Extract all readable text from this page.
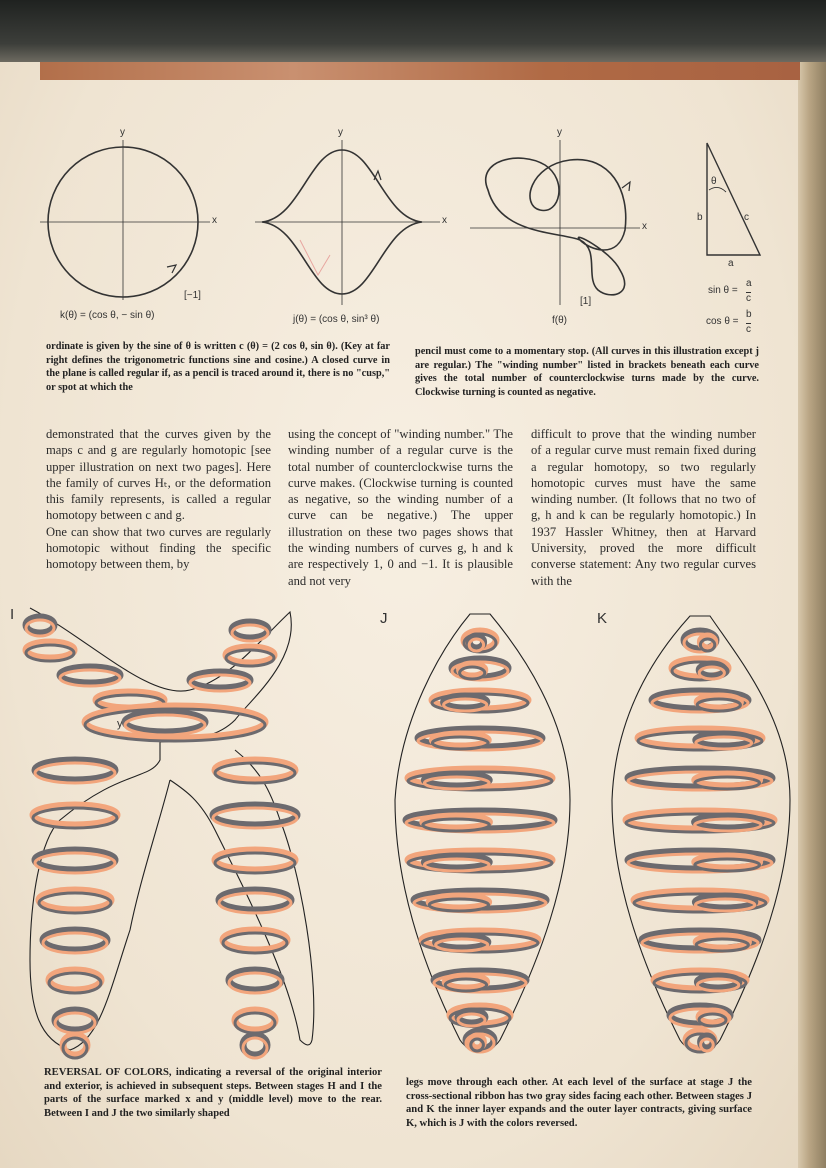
y
x
y
x
y
x
[−1]
k(θ) = (cos θ, − sin θ)	j(θ) = (cos θ, sin³ θ)
[1]
f(θ)
b	c
a
θ
sin θ =
a
c
cos θ =
b
c
ordinate is given by the sine of θ is written c (θ) = (2 cos θ, sin θ). (Key at far right defines the trigonometric functions sine and cosine.) A closed curve in the plane is called regular if, as a pencil is traced around it, there is no "cusp," or spot at which the
pencil must come to a momentary stop. (All curves in this illustration except j are regular.) The "winding number" listed in brackets beneath each curve gives the total number of counterclockwise turns made by the curve. Clockwise turning is counted as negative.
demonstrated that the curves given by the maps c and g are regularly homotopic [see upper illustration on next two pages]. Here the family of curves Hₜ, or the deformation this family represents, is called a regular homotopy between c and g.
One can show that two curves are regularly homotopic without finding the specific homotopy between them, by
using the concept of "winding number." The winding number of a regular curve is the total number of counterclockwise turns the curve makes. (Clockwise turning is counted as negative, so the winding number of a curve can be negative.) The upper illustration on these two pages shows that the winding numbers of curves g, h and k are respectively 1, 0 and −1. It is plausible and not very
difficult to prove that the winding number of a regular curve must remain fixed during a regular homotopy, so two regularly homotopic curves must have the same winding number. (It follows that no two of g, h and k can be regularly homotopic.) In 1937 Hassler Whitney, then at Harvard University, proved the more difficult converse statement: Any two regular curves with the
I	J	K
x
y
REVERSAL OF COLORS, indicating a reversal of the original interior and exterior, is achieved in subsequent steps. Between stages H and I the parts of the surface marked x and y (middle level) move to the rear. Between I and J the two similarly shaped
legs move through each other. At each level of the surface at stage J the cross-sectional ribbon has two gray sides facing each other. Between stages J and K the inner layer expands and the outer layer contracts, giving surface K, which is J with the colors reversed.
